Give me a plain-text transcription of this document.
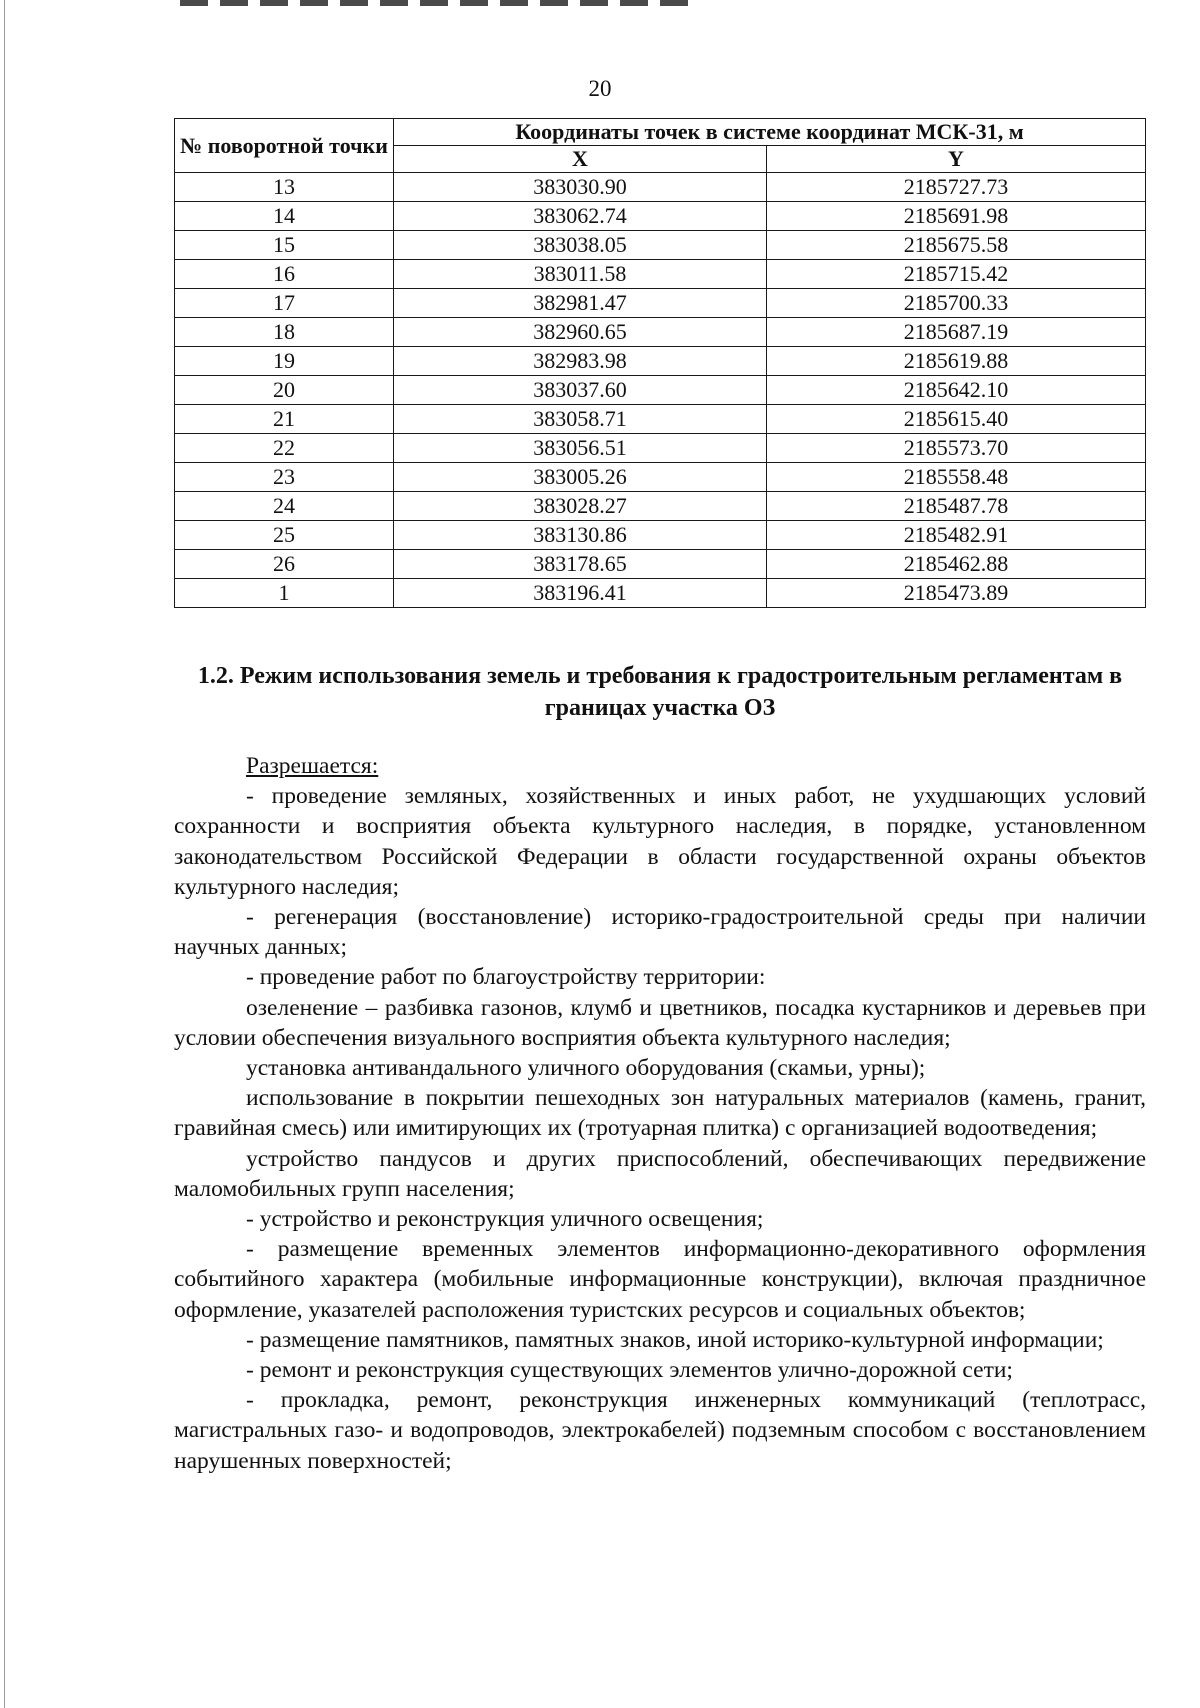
20
№ поворотной точки	Координаты точек в системе координат МСК-31, м	
	X	Y
13	383030.90	2185727.73
14	383062.74	2185691.98
15	383038.05	2185675.58
16	383011.58	2185715.42
17	382981.47	2185700.33
18	382960.65	2185687.19
19	382983.98	2185619.88
20	383037.60	2185642.10
21	383058.71	2185615.40
22	383056.51	2185573.70
23	383005.26	2185558.48
24	383028.27	2185487.78
25	383130.86	2185482.91
26	383178.65	2185462.88
1	383196.41	2185473.89
1.2. Режим использования земель и требования к градостроительным регламентам в границах участка ОЗ

Разрешается:

- проведение земляных, хозяйственных и иных работ, не ухудшающих условий сохранности и восприятия объекта культурного наследия, в порядке, установленном законодательством Российской Федерации в области государственной охраны объектов культурного наследия;

- регенерация (восстановление) историко-градостроительной среды при наличии научных данных;

- проведение работ по благоустройству территории:

озеленение – разбивка газонов, клумб и цветников, посадка кустарников и деревьев при условии обеспечения визуального восприятия объекта культурного наследия;

установка антивандального уличного оборудования (скамьи, урны);

использование в покрытии пешеходных зон натуральных материалов (камень, гранит, гравийная смесь) или имитирующих их (тротуарная плитка) с организацией водоотведения;

устройство пандусов и других приспособлений, обеспечивающих передвижение маломобильных групп населения;

- устройство и реконструкция уличного освещения;

- размещение временных элементов информационно-декоративного оформления событийного характера (мобильные информационные конструкции), включая праздничное оформление, указателей расположения туристских ресурсов и социальных объектов;

- размещение памятников, памятных знаков, иной историко-культурной информации;

- ремонт и реконструкция существующих элементов улично-дорожной сети;

- прокладка, ремонт, реконструкция инженерных коммуникаций (теплотрасс, магистральных газо- и водопроводов, электрокабелей) подземным способом с восстановлением нарушенных поверхностей;
